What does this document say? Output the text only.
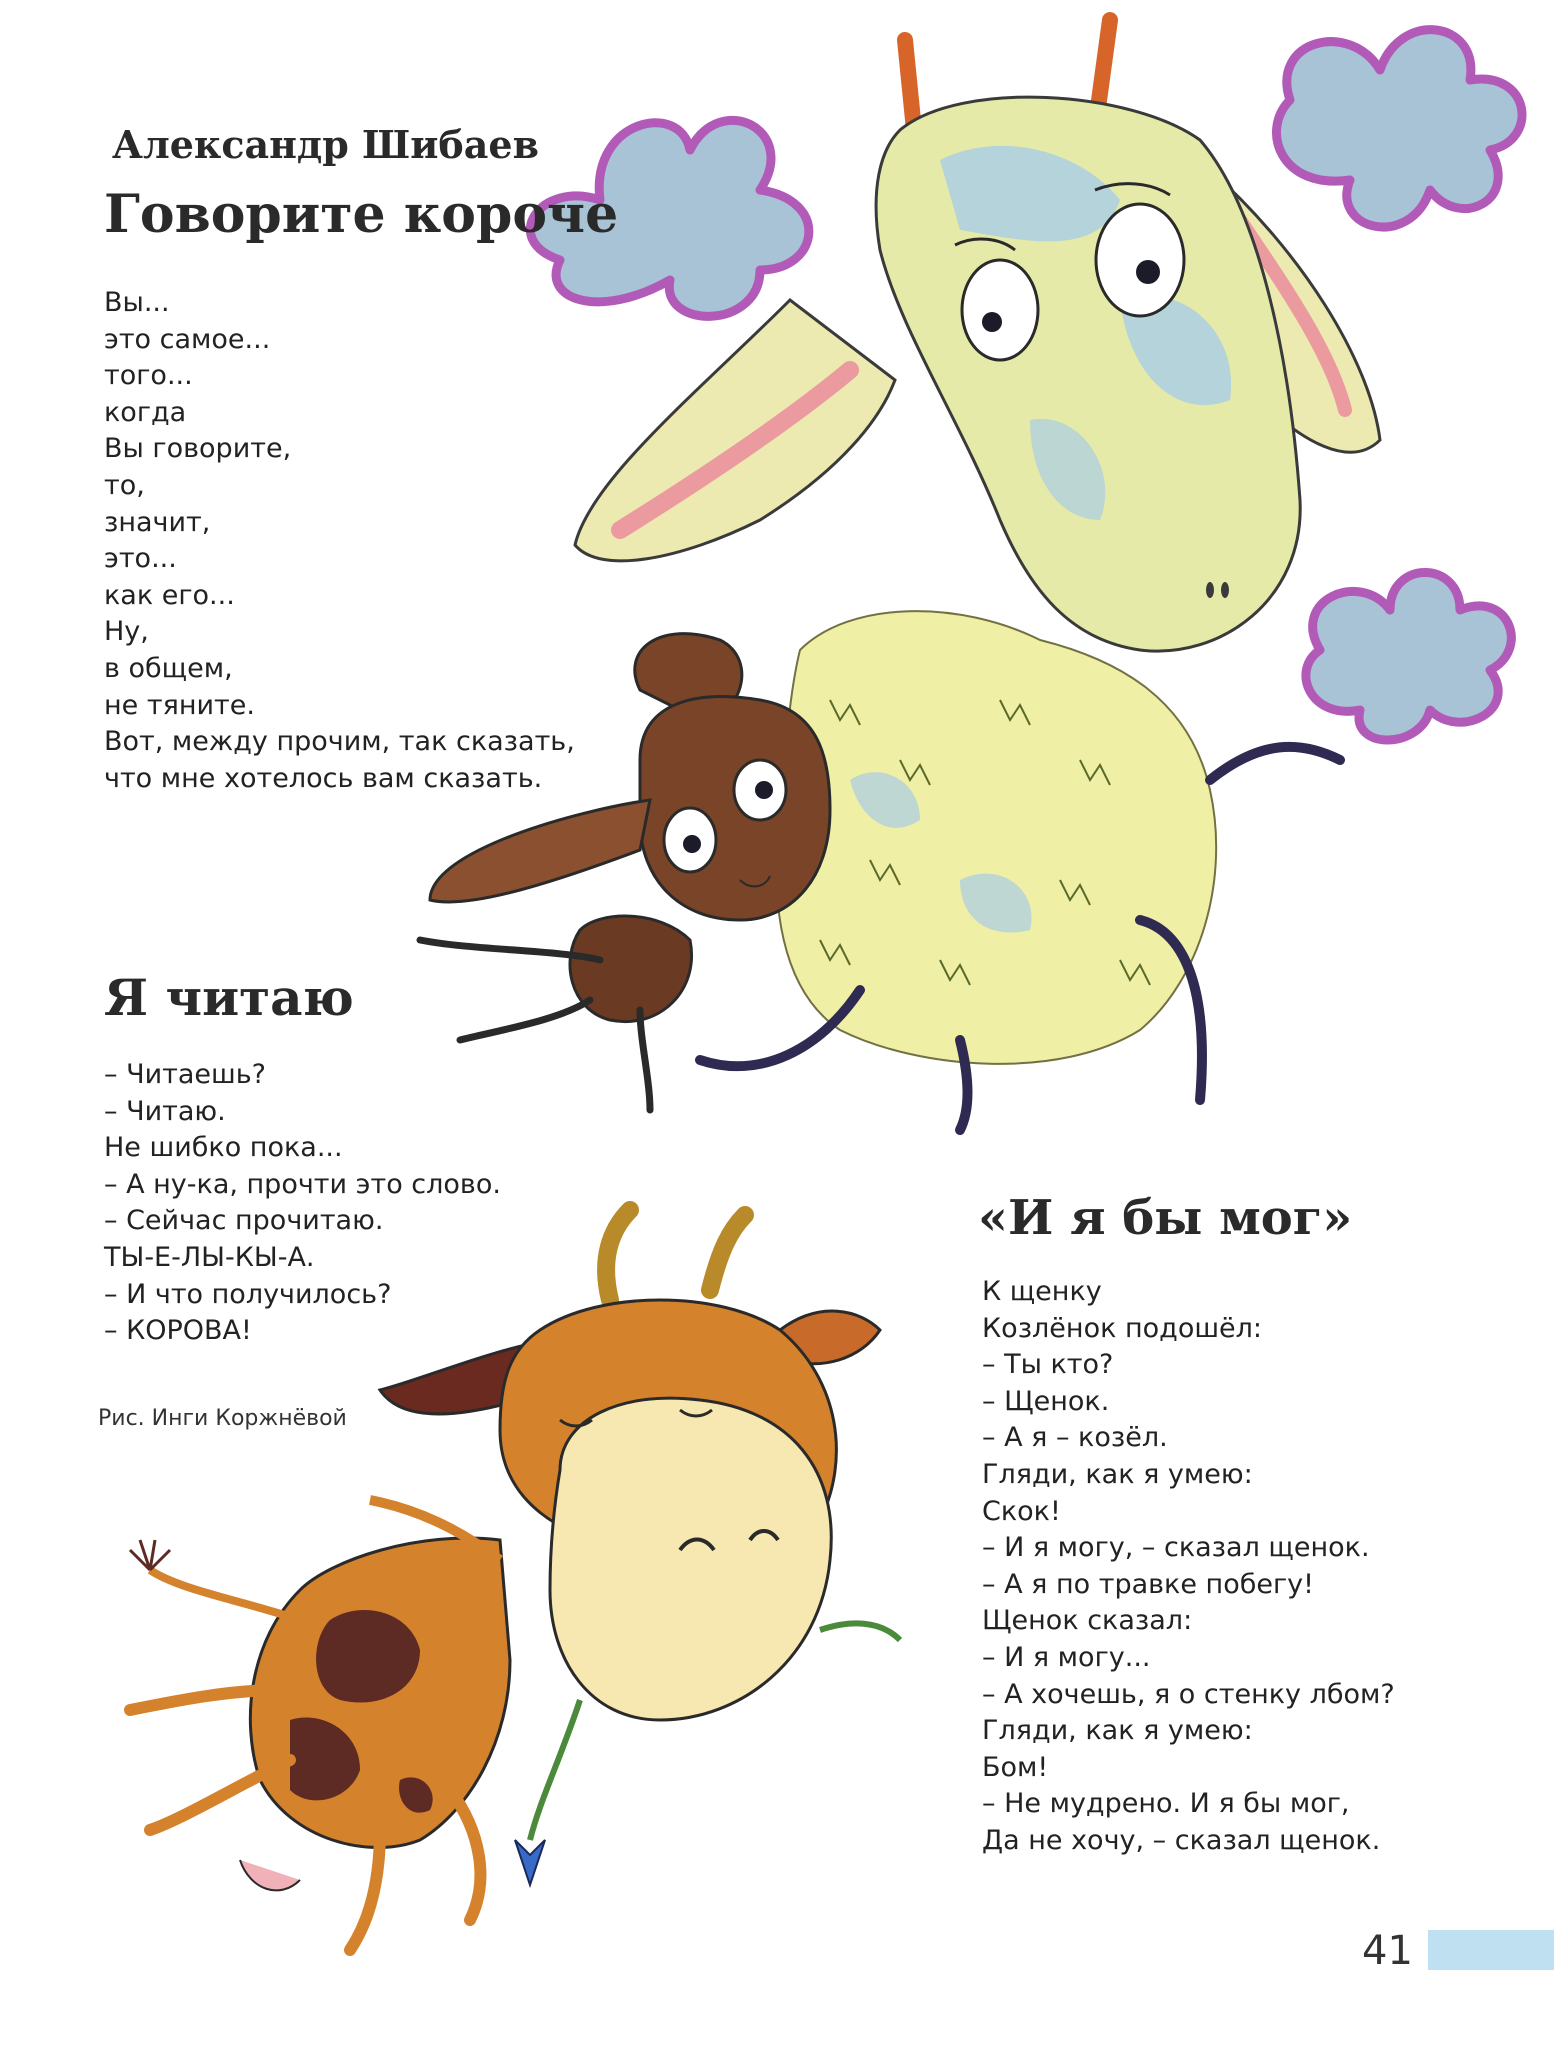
Александр Шибаев
Говорите короче
Вы...
это самое...
того...
когда
Вы говорите,
то,
значит,
это...
как его...
Ну,
в общем,
не тяните.
Вот, между прочим, так сказать,
что мне хотелось вам сказать.
Я читаю
– Читаешь?
– Читаю.
Не шибко пока...
– А ну-ка, прочти это слово.
– Сейчас прочитаю.
ТЫ-Е-ЛЫ-КЫ-А.
– И что получилось?
– КОРОВА!
Рис. Инги Коржнёвой
«И я бы мог»
К щенку
Козлёнок подошёл:
– Ты кто?
– Щенок.
– А я – козёл.
Гляди, как я умею:
Скок!
– И я могу, – сказал щенок.
– А я по травке побегу!
Щенок сказал:
– И я могу...
– А хочешь, я о стенку лбом?
Гляди, как я умею:
Бом!
– Не мудрено. И я бы мог,
Да не хочу, – сказал щенок.
41
